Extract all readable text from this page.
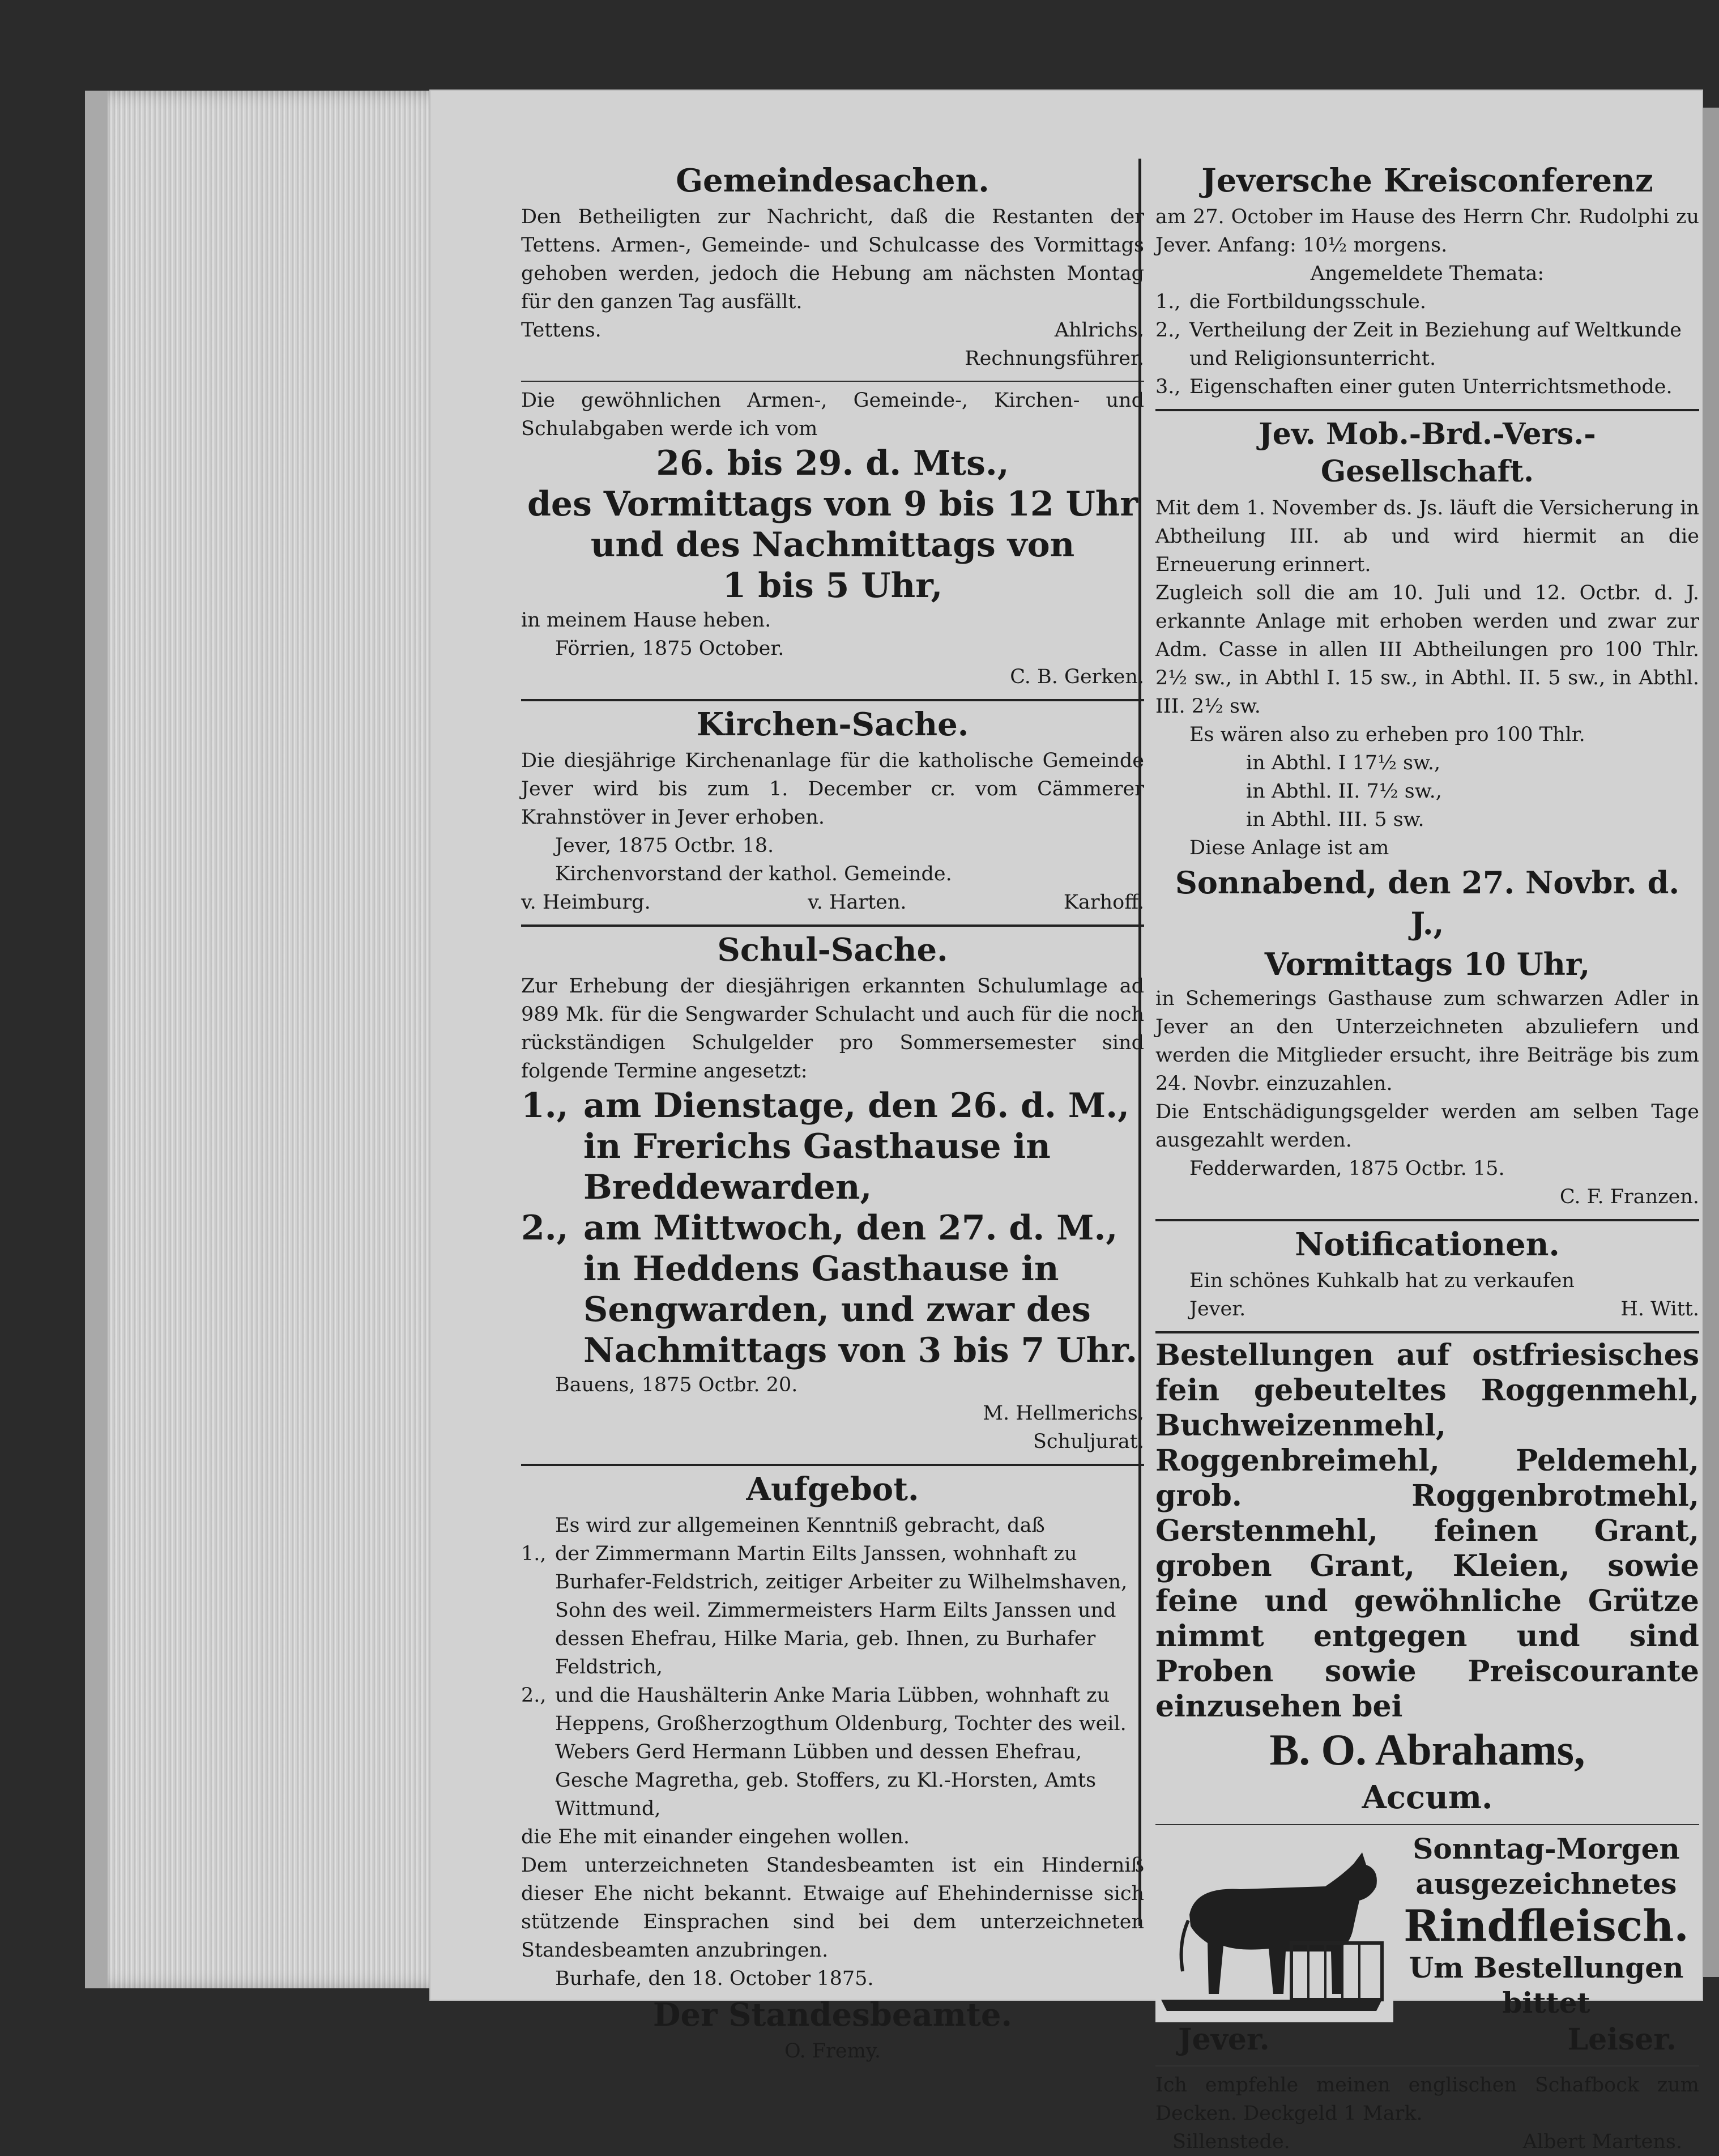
Gemeindesachen.
Den Betheiligten zur Nachricht, daß die Restanten der Tettens. Armen-, Gemeinde- und Schulcasse des Vormittags gehoben werden, jedoch die Hebung am nächsten Montag für den ganzen Tag ausfällt.
Tettens.	Ahlrichs,
Rechnungsführer.
Die gewöhnlichen Armen-, Gemeinde-, Kirchen- und Schulabgaben werde ich vom
26. bis 29. d. Mts.,
des Vormittags von 9 bis 12 Uhr
und des Nachmittags von
1 bis 5 Uhr,
in meinem Hause heben.
Förrien, 1875 October.
C. B. Gerken.
Kirchen-Sache.
Die diesjährige Kirchenanlage für die katholische Gemeinde Jever wird bis zum 1. December cr. vom Cämmerer Krahnstöver in Jever erhoben.
Jever, 1875 Octbr. 18.
Kirchenvorstand der kathol. Gemeinde.
v. Heimburg.	v. Harten.	Karhoff.
Schul-Sache.
Zur Erhebung der diesjährigen erkannten Schulumlage ad 989 Mk. für die Sengwarder Schulacht und auch für die noch rückständigen Schulgelder pro Sommersemester sind folgende Termine angesetzt:
1., am Dienstage, den 26. d. M., in Frerichs Gasthause in Breddewarden,
2., am Mittwoch, den 27. d. M., in Heddens Gasthause in Sengwarden, und zwar des Nachmittags von 3 bis 7 Uhr.
Bauens, 1875 Octbr. 20.
M. Hellmerichs,
Schuljurat.
Aufgebot.
Es wird zur allgemeinen Kenntniß gebracht, daß
1., der Zimmermann Martin Eilts Janssen, wohnhaft zu Burhafer-Feldstrich, zeitiger Arbeiter zu Wilhelmshaven, Sohn des weil. Zimmermeisters Harm Eilts Janssen und dessen Ehefrau, Hilke Maria, geb. Ihnen, zu Burhafer Feldstrich,
2., und die Haushälterin Anke Maria Lübben, wohnhaft zu Heppens, Großherzogthum Oldenburg, Tochter des weil. Webers Gerd Hermann Lübben und dessen Ehefrau, Gesche Magretha, geb. Stoffers, zu Kl.-Horsten, Amts Wittmund,
die Ehe mit einander eingehen wollen.
Dem unterzeichneten Standesbeamten ist ein Hinderniß dieser Ehe nicht bekannt. Etwaige auf Ehehindernisse sich stützende Einsprachen sind bei dem unterzeichneten Standesbeamten anzubringen.
Burhafe, den 18. October 1875.
Der Standesbeamte.
O. Fremy.
Jeversche Kreisconferenz
am 27. October im Hause des Herrn Chr. Rudolphi zu Jever. Anfang: 10½ morgens.
Angemeldete Themata:
1., die Fortbildungsschule.
2., Vertheilung der Zeit in Beziehung auf Weltkunde und Religionsunterricht.
3., Eigenschaften einer guten Unterrichtsmethode.
Jev. Mob.-Brd.-Vers.-Gesellschaft.
Mit dem 1. November ds. Js. läuft die Versicherung in Abtheilung III. ab und wird hiermit an die Erneuerung erinnert.
Zugleich soll die am 10. Juli und 12. Octbr. d. J. erkannte Anlage mit erhoben werden und zwar zur Adm. Casse in allen III Abtheilungen pro 100 Thlr. 2½ sw., in Abthl I. 15 sw., in Abthl. II. 5 sw., in Abthl. III. 2½ sw.
Es wären also zu erheben pro 100 Thlr.
in Abthl. I 17½ sw.,
in Abthl. II. 7½ sw.,
in Abthl. III. 5 sw.
Diese Anlage ist am
Sonnabend, den 27. Novbr. d. J.,
Vormittags 10 Uhr,
in Schemerings Gasthause zum schwarzen Adler in Jever an den Unterzeichneten abzuliefern und werden die Mitglieder ersucht, ihre Beiträge bis zum 24. Novbr. einzuzahlen.
Die Entschädigungsgelder werden am selben Tage ausgezahlt werden.
Fedderwarden, 1875 Octbr. 15.
C. F. Franzen.
Notificationen.
Ein schönes Kuhkalb hat zu verkaufen
Jever.	H. Witt.
Bestellungen auf ostfriesisches fein gebeuteltes Roggenmehl, Buchweizenmehl, Roggenbreimehl, Peldemehl, grob. Roggenbrotmehl, Gerstenmehl, feinen Grant, groben Grant, Kleien, sowie feine und gewöhnliche Grütze nimmt entgegen und sind Proben sowie Preiscourante einzusehen bei
B. O. Abrahams,
Accum.
Sonntag-Morgen
ausgezeichnetes
Rindfleisch.
Um Bestellungen
bittet
Jever.	Leiser.
Ich empfehle meinen englischen Schafbock zum Decken. Deckgeld 1 Mark.
Sillenstede.	Albert Martens.
